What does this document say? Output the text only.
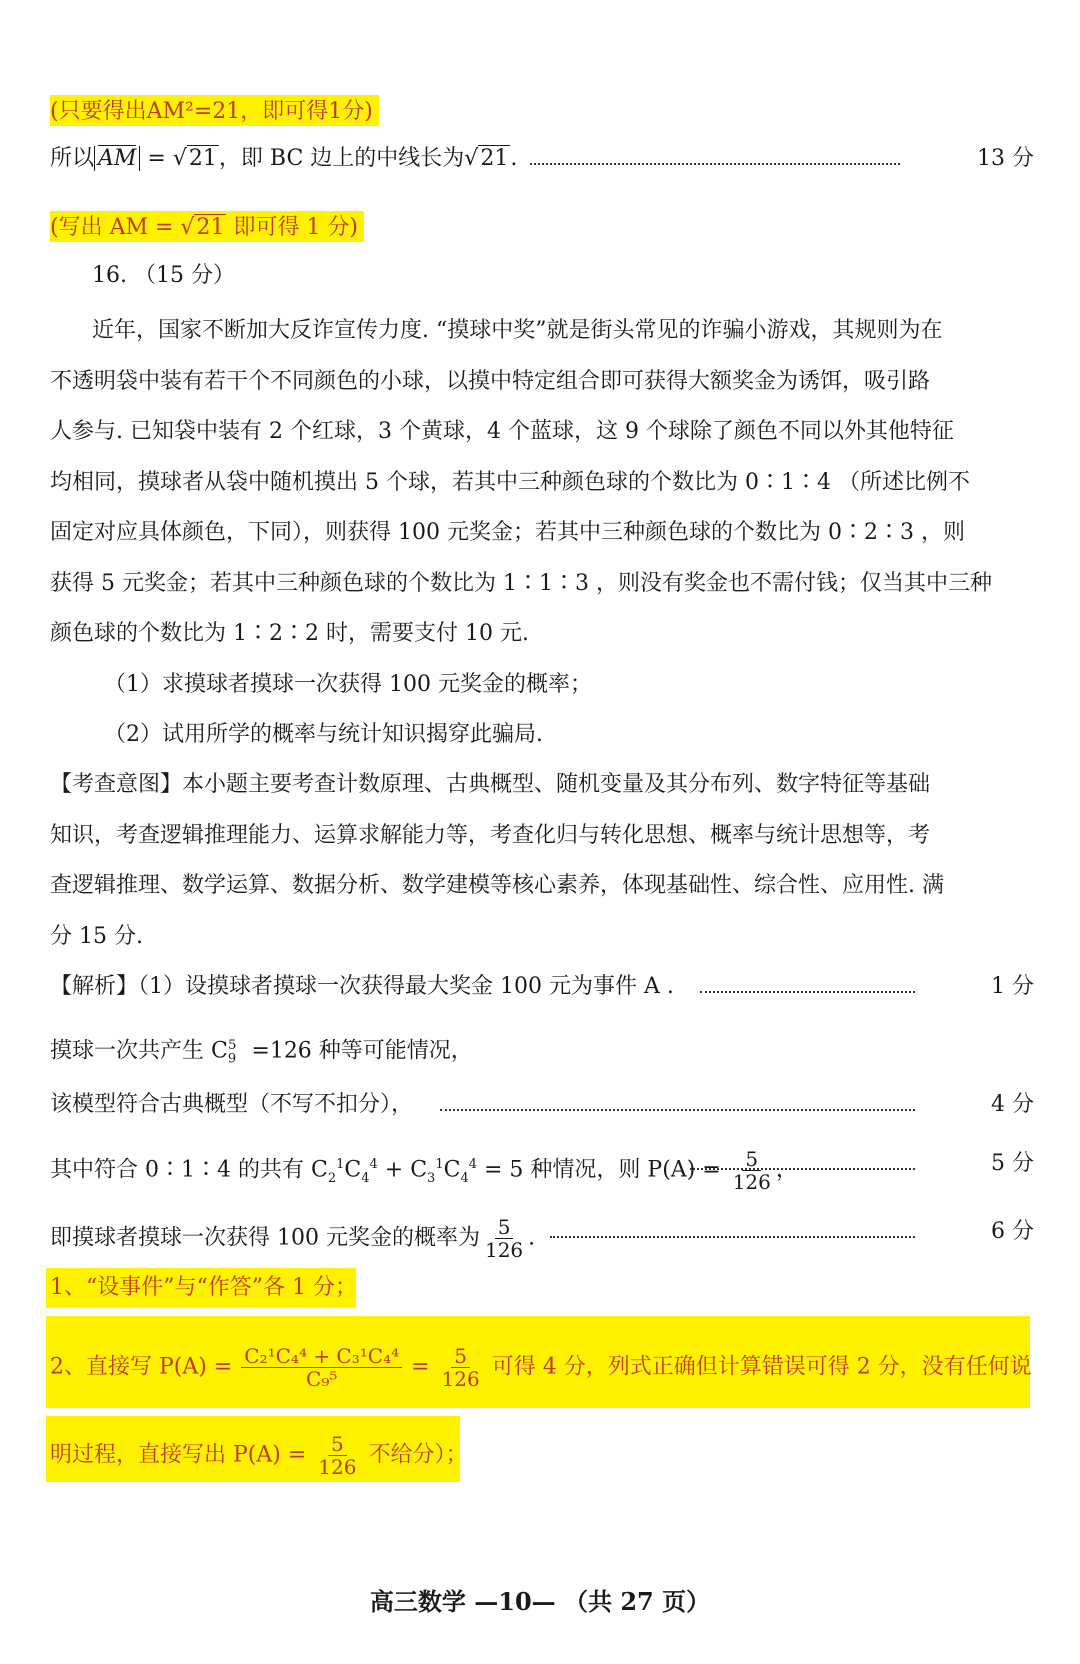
(只要得出AM²=21，即可得1分)
所以 AM = √21，即 BC 边上的中线长为√21.	13 分
(写出 AM = √21 即可得 1 分)
16. （15 分）
近年，国家不断加大反诈宣传力度. “摸球中奖”就是街头常见的诈骗小游戏，其规则为在
不透明袋中装有若干个不同颜色的小球，以摸中特定组合即可获得大额奖金为诱饵，吸引路
人参与. 已知袋中装有 2 个红球，3 个黄球，4 个蓝球，这 9 个球除了颜色不同以外其他特征
均相同，摸球者从袋中随机摸出 5 个球，若其中三种颜色球的个数比为 0∶1∶4 （所述比例不
固定对应具体颜色，下同），则获得 100 元奖金；若其中三种颜色球的个数比为 0∶2∶3 ，则
获得 5 元奖金；若其中三种颜色球的个数比为 1∶1∶3 ，则没有奖金也不需付钱；仅当其中三种
颜色球的个数比为 1∶2∶2 时，需要支付 10 元.
（1）求摸球者摸球一次获得 100 元奖金的概率；
（2）试用所学的概率与统计知识揭穿此骗局.
【考查意图】本小题主要考查计数原理、古典概型、随机变量及其分布列、数字特征等基础
知识，考查逻辑推理能力、运算求解能力等，考查化归与转化思想、概率与统计思想等，考
查逻辑推理、数学运算、数据分析、数学建模等核心素养，体现基础性、综合性、应用性. 满
分 15 分.
【解析】（1）设摸球者摸球一次获得最大奖金 100 元为事件 A .	1 分
摸球一次共产生 $C_9^5 =126$ 种等可能情况，
该模型符合古典概型（不写不扣分），	4 分
其中符合 0∶1∶4 的共有 $C_2^1C_4^4 + C_3^1C_4^4 = 5$ 种情况，则 $P(A) = \frac{5}{126}$ ，	5 分
即摸球者摸球一次获得 100 元奖金的概率为 $\frac{5}{126}$ .	6 分
1、“设事件”与“作答”各 1 分；
2、直接写 $P(A) = \frac{\text{C₂¹C₄⁴ + C₃¹C₄⁴}}{\text{C₉⁵}} = \frac{5}{126}$ 可得 4 分，列式正确但计算错误可得 2 分，没有任何说
明过程，直接写出 $P(A) = \frac{5}{126}$ 不给分）；
高三数学 —10— （共 27 页）
